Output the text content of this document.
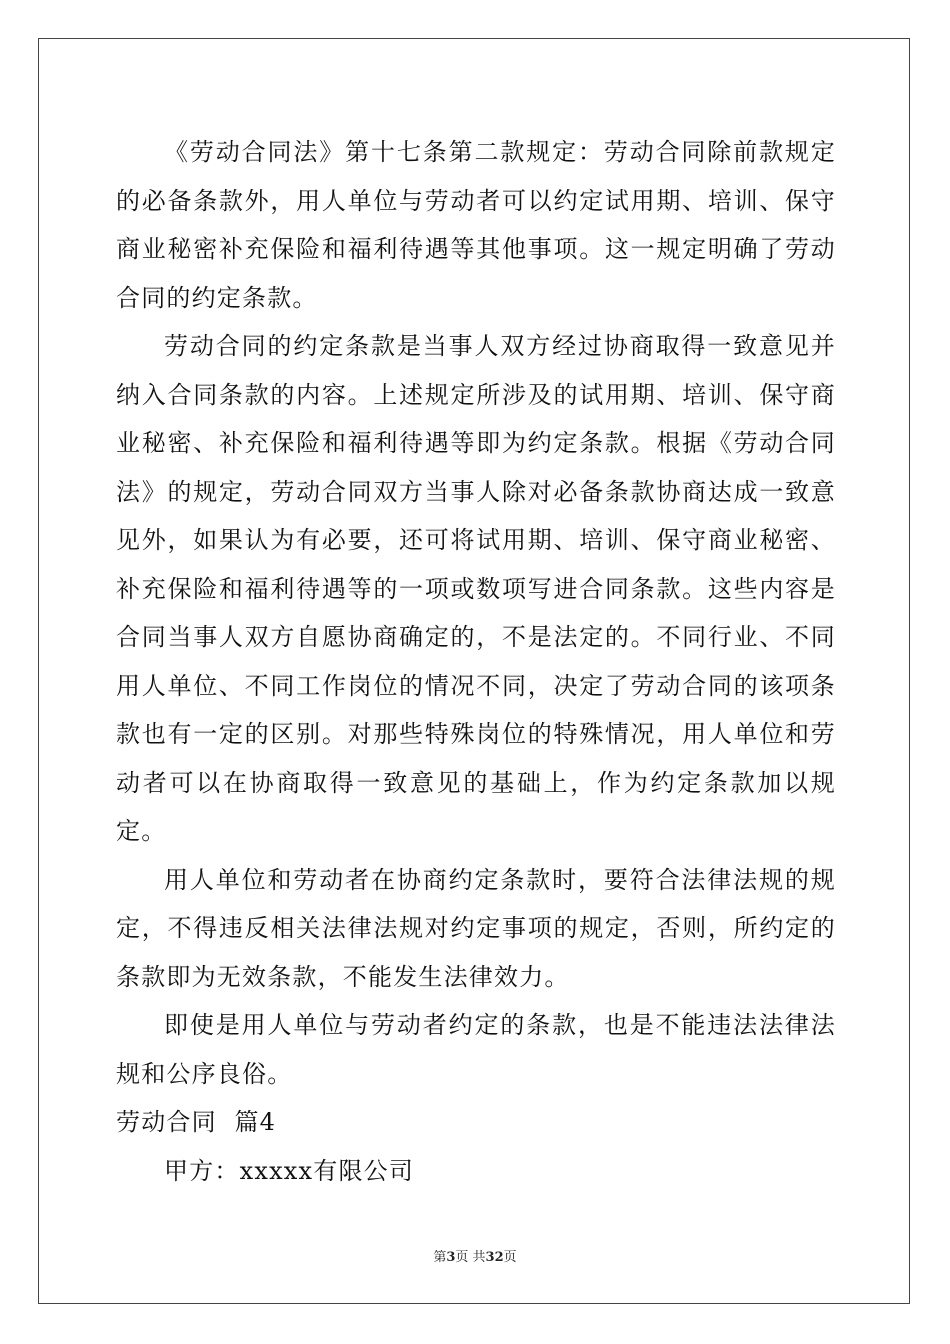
《劳动合同法》第十七条第二款规定：劳动合同除前款规定的必备条款外，用人单位与劳动者可以约定试用期、培训、保守商业秘密补充保险和福利待遇等其他事项。这一规定明确了劳动合同的约定条款。

劳动合同的约定条款是当事人双方经过协商取得一致意见并纳入合同条款的内容。上述规定所涉及的试用期、培训、保守商业秘密、补充保险和福利待遇等即为约定条款。根据《劳动合同法》的规定，劳动合同双方当事人除对必备条款协商达成一致意见外，如果认为有必要，还可将试用期、培训、保守商业秘密、补充保险和福利待遇等的一项或数项写进合同条款。这些内容是合同当事人双方自愿协商确定的，不是法定的。不同行业、不同用人单位、不同工作岗位的情况不同，决定了劳动合同的该项条款也有一定的区别。对那些特殊岗位的特殊情况，用人单位和劳动者可以在协商取得一致意见的基础上，作为约定条款加以规定。

用人单位和劳动者在协商约定条款时，要符合法律法规的规定，不得违反相关法律法规对约定事项的规定，否则，所约定的条款即为无效条款，不能发生法律效力。

即使是用人单位与劳动者约定的条款，也是不能违法法律法规和公序良俗。

劳动合同  篇4

甲方：xxxxx有限公司

第3页 共32页
